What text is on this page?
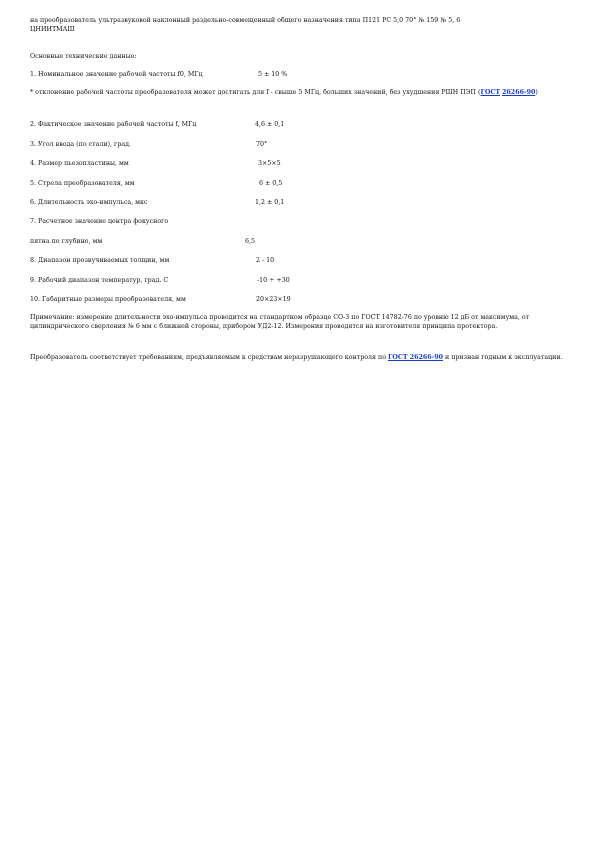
на преобразователь ультразвуковой наклонный раздельно-совмещенный общего назначения типа П121 РС 5,0 70° № 159 № 5, 6
ЦНИИТМАШ
Основные технические данные:
1. Номинальное значение рабочей частоты f0, МГц	5 ± 10 %
* отклонение рабочей частоты преобразователя может достигать для f - свыше 5 МГц, больших значений, без ухудшения РШН ПЭП (ГОСТ 26266-90)
2. Фактическое значение рабочей частоты f, МГц	4,6 ± 0,1
3. Угол ввода (по стали), град.	70°
4. Размер пьезопластины, мм	3×5×5
5. Стрела преобразователя, мм	6 ± 0,5
6. Длительность эхо-импульса, мкс	1,2 ± 0,1
7. Расчетное значение центра фокусного
пятна по глубине, мм	6,5
8. Диапазон прозвучиваемых толщин, мм	2 - 10
9. Рабочий диапазон температур, град. С	-10 ÷ +30
10. Габаритные размеры преобразователя, мм	20×23×19
Примечание: измерение длительности эхо-импульса проводится на стандартном образце СО-3 по ГОСТ 14782-76 по уровню 12 дБ от максимума, от цилиндрического сверления № 6 мм с ближней стороны, прибором УД2-12. Измерения проводятся на изготовителя принципа протектора.
Преобразователь соответствует требованиям, предъявляемым к средствам неразрушающего контроля по ГОСТ 26266-90 и признан годным к эксплуатации.
